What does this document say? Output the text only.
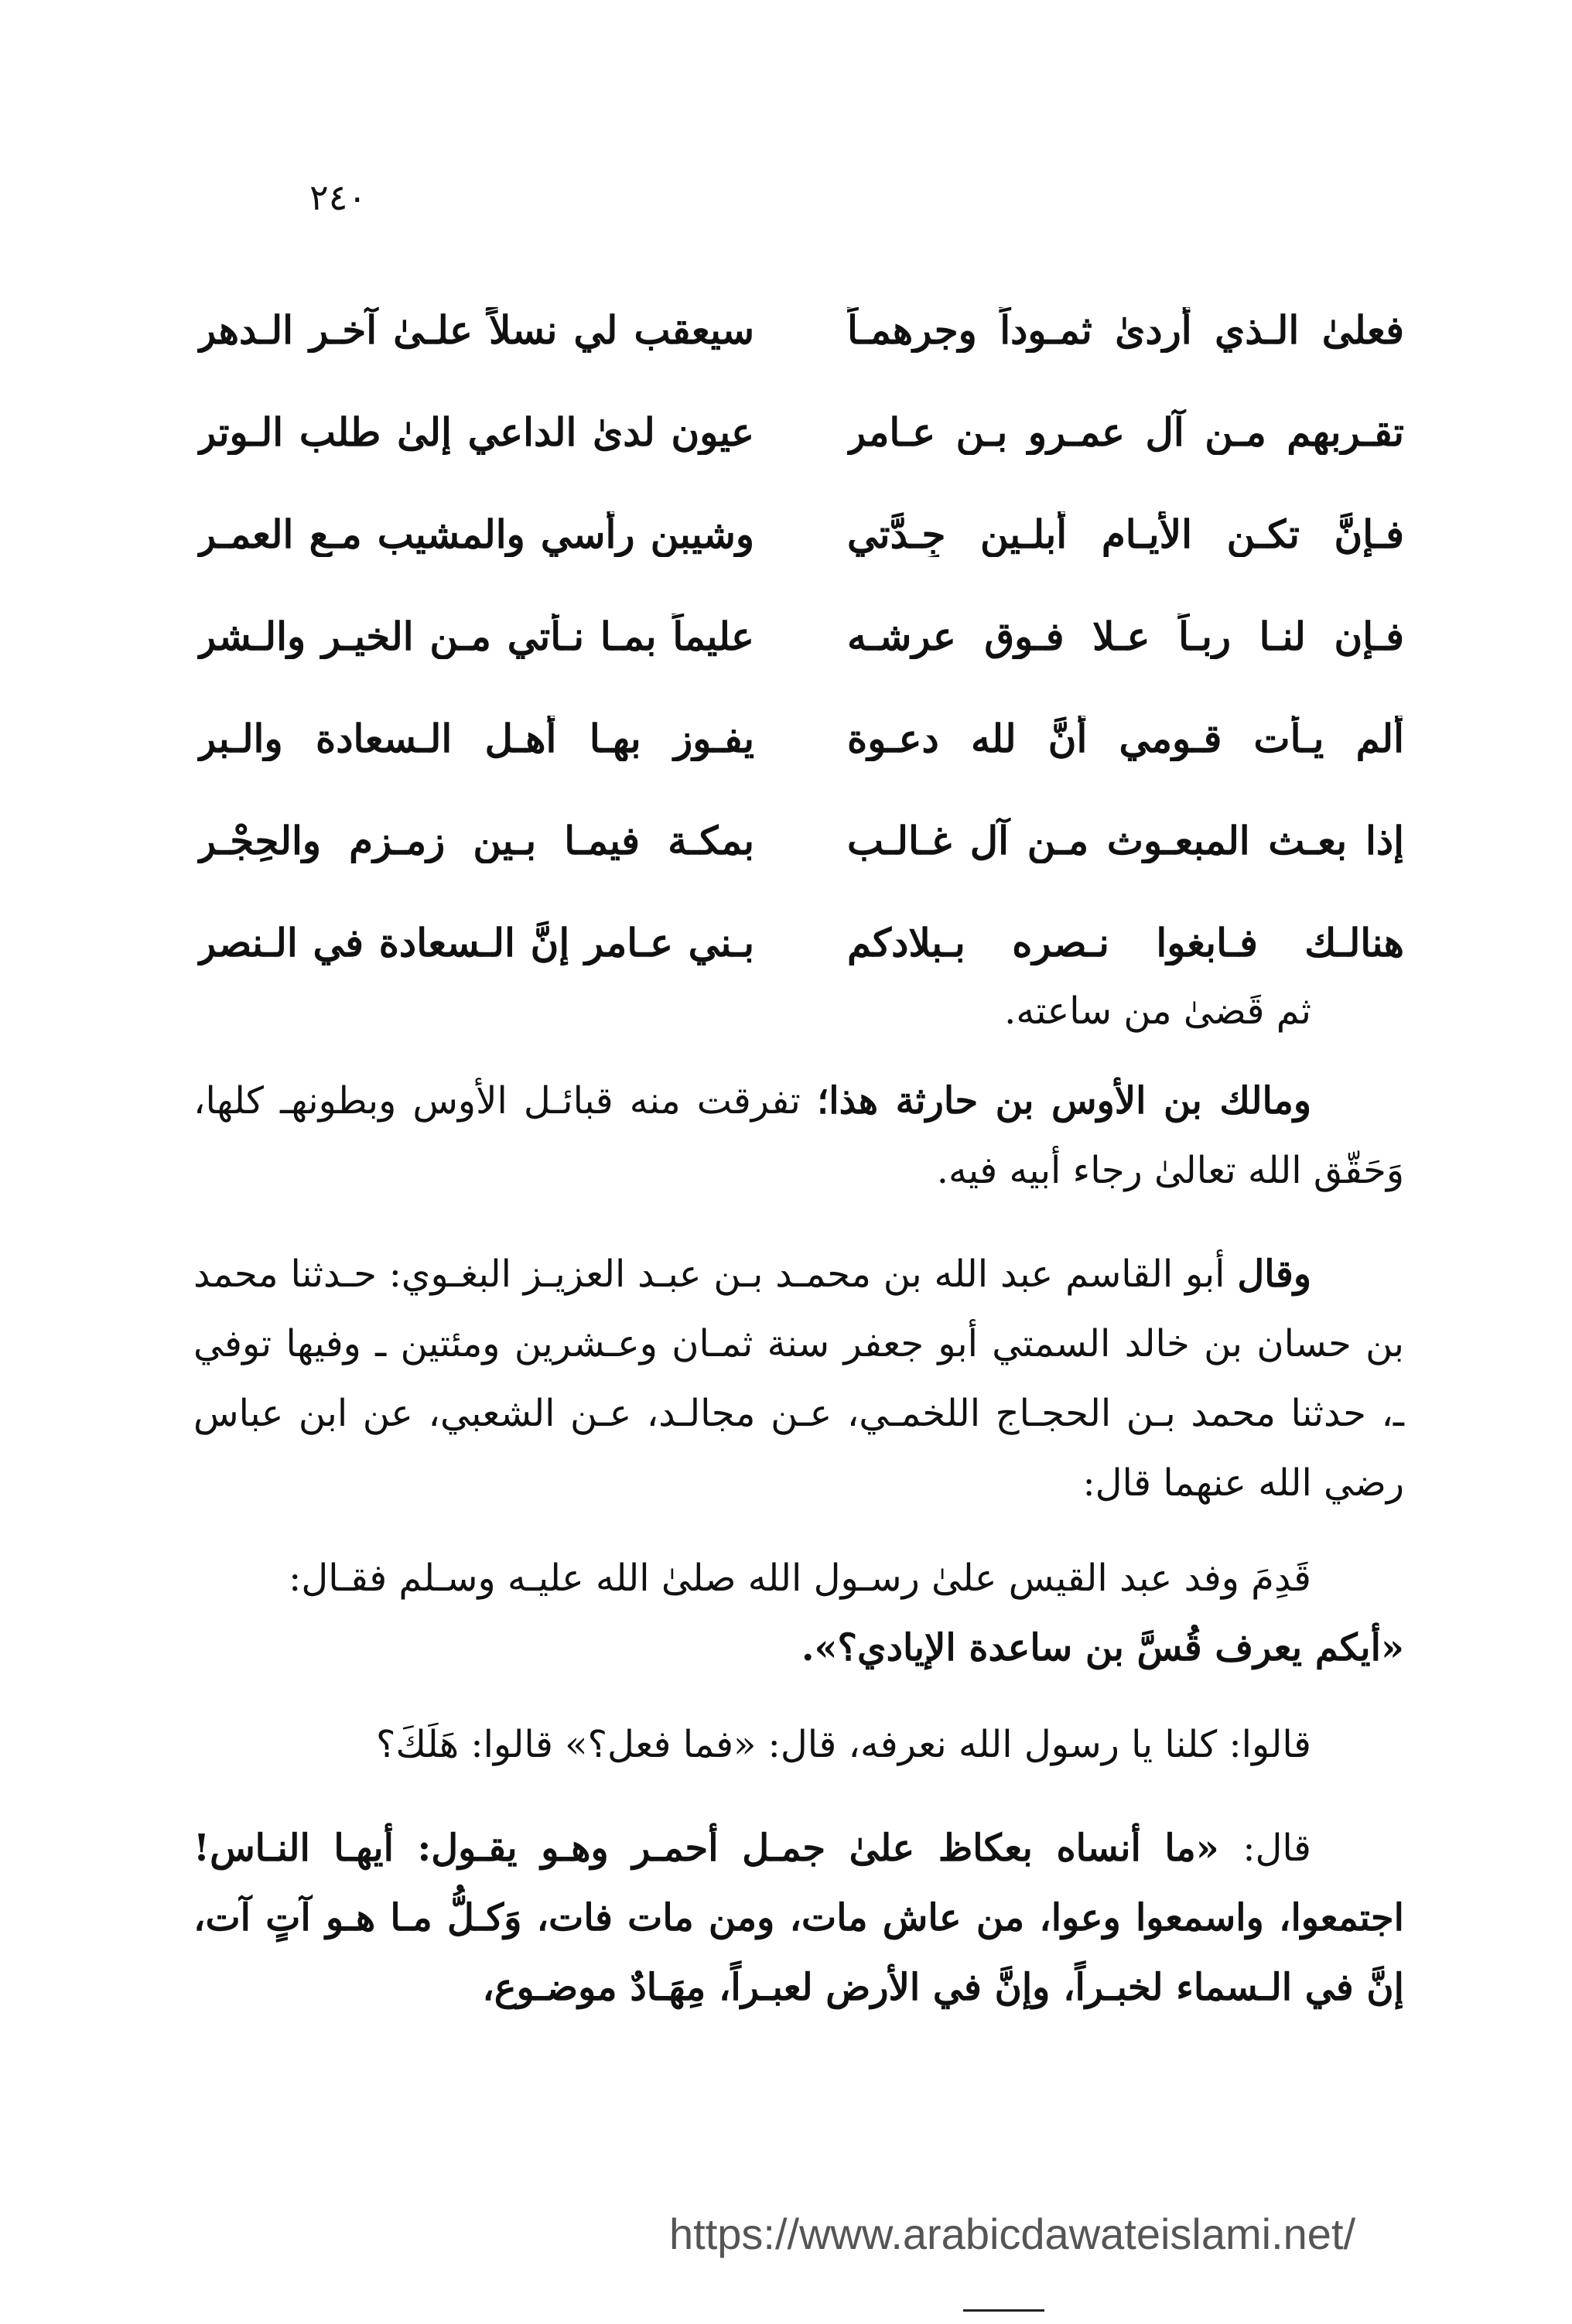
٢٤٠
فعلىٰ الـذي أردىٰ ثمـوداً وجرهمـاً
سيعقب لي نسلاً علـىٰ آخـر الـدهر
تقـربهم مـن آل عمـرو بـن عـامر
عيون لدىٰ الداعي إلىٰ طلب الـوتر
فـإنَّ تكـن الأيـام أبلـين جِـدَّتي
وشيبن رأسي والمشيب مـع العمـر
فـإن لنـا ربـاً عـلا فـوق عرشـه
عليماً بمـا نـأتي مـن الخيـر والـشر
ألم يـأت قـومي أنَّ لله دعـوة
يفـوز بهـا أهـل الـسعادة والـبر
إذا بعـث المبعـوث مـن آل غـالـب
بمكـة فيمـا بـين زمـزم والحِجْـر
هنالـك فـابغوا نـصره بـبلادكم
بـني عـامر إنَّ الـسعادة في الـنصر

ثم قَضىٰ من ساعته.

ومالك بن الأوس بن حارثة هذا؛ تفرقت منه قبائـل الأوس وبطونهـ كلها، وَحَقّق الله تعالىٰ رجاء أبيه فيه.

وقال أبو القاسم عبد الله بن محمـد بـن عبـد العزيـز البغـوي: حـدثنا محمد بن حسان بن خالد السمتي أبو جعفر سنة ثمـان وعـشرين ومئتين ـ وفيها توفي ـ، حدثنا محمد بـن الحجـاج اللخمـي، عـن مجالـد، عـن الشعبي، عن ابن عباس رضي الله عنهما قال:

قَدِمَ وفد عبد القيس علىٰ رسـول الله صلىٰ الله عليـه وسـلم فقـال:

«أيكم يعرف قُسَّ بن ساعدة الإيادي؟».

قالوا: كلنا يا رسول الله نعرفه، قال: «فما فعل؟» قالوا: هَلَكَ؟

قال: «ما أنساه بعكاظ علىٰ جمـل أحمـر وهـو يقـول: أيهـا النـاس! اجتمعوا، واسمعوا وعوا، من عاش مات، ومن مات فات، وَكـلُّ مـا هـو آتٍ آت، إنَّ في الـسماء لخبـراً، وإنَّ في الأرض لعبـراً، مِهَـادٌ موضـوع،

https://www.arabicdawateislami.net/
